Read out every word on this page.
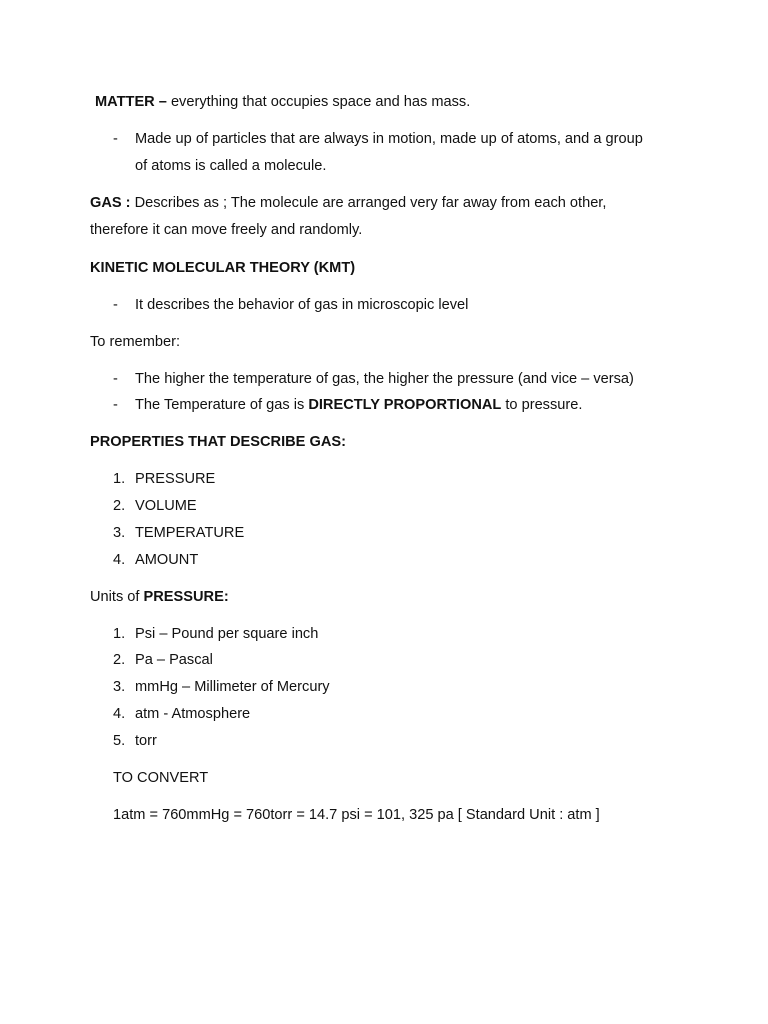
MATTER – everything that occupies space and has mass.
- Made up of particles that are always in motion, made up of atoms, and a group
of atoms is called a molecule.
GAS : Describes as ; The molecule are arranged very far away from each other,
therefore it can move freely and randomly.
KINETIC MOLECULAR THEORY (KMT)
- It describes the behavior of gas in microscopic level
To remember:
- The higher the temperature of gas, the higher the pressure (and vice – versa)
- The Temperature of gas is DIRECTLY PROPORTIONAL to pressure.
PROPERTIES THAT DESCRIBE GAS:
1. PRESSURE
2. VOLUME
3. TEMPERATURE
4. AMOUNT
Units of PRESSURE:
1. Psi – Pound per square inch
2. Pa – Pascal
3. mmHg – Millimeter of Mercury
4. atm - Atmosphere
5. torr
TO CONVERT
1atm = 760mmHg = 760torr = 14.7 psi = 101, 325 pa [ Standard Unit : atm ]
